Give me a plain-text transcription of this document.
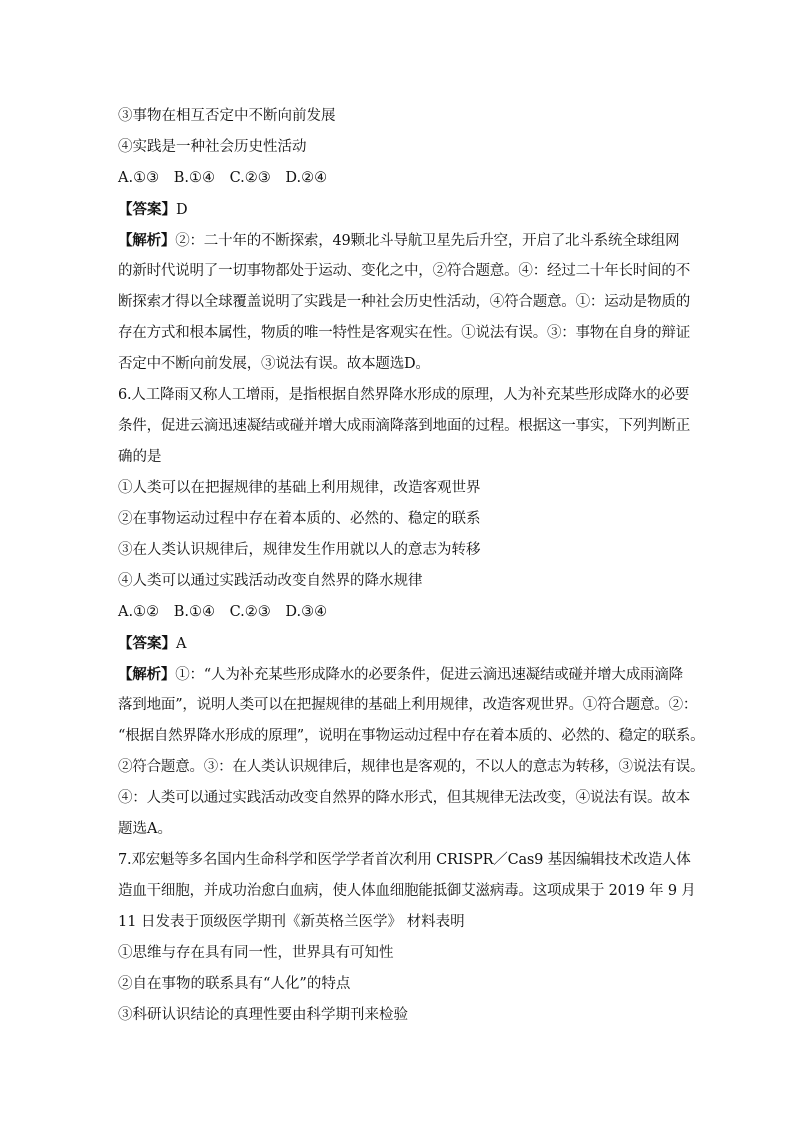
③事物在相互否定中不断向前发展
④实践是一种社会历史性活动
A.①③ B.①④ C.②③ D.②④
【答案】D
【解析】②：二十年的不断探索，49颗北斗导航卫星先后升空，开启了北斗系统全球组网
的新时代说明了一切事物都处于运动、变化之中，②符合题意。④：经过二十年长时间的不
断探索才得以全球覆盖说明了实践是一种社会历史性活动，④符合题意。①：运动是物质的
存在方式和根本属性，物质的唯一特性是客观实在性。①说法有误。③：事物在自身的辩证
否定中不断向前发展，③说法有误。故本题选D。
6.人工降雨又称人工增雨，是指根据自然界降水形成的原理，人为补充某些形成降水的必要
条件，促进云滴迅速凝结或碰并增大成雨滴降落到地面的过程。根据这一事实，下列判断正
确的是
①人类可以在把握规律的基础上利用规律，改造客观世界
②在事物运动过程中存在着本质的、必然的、稳定的联系
③在人类认识规律后，规律发生作用就以人的意志为转移
④人类可以通过实践活动改变自然界的降水规律
A.①② B.①④ C.②③ D.③④
【答案】A
【解析】①：“人为补充某些形成降水的必要条件，促进云滴迅速凝结或碰并增大成雨滴降
落到地面”，说明人类可以在把握规律的基础上利用规律，改造客观世界。①符合题意。②：
“根据自然界降水形成的原理”，说明在事物运动过程中存在着本质的、必然的、稳定的联系。
②符合题意。③：在人类认识规律后，规律也是客观的，不以人的意志为转移，③说法有误。
④：人类可以通过实践活动改变自然界的降水形式，但其规律无法改变，④说法有误。故本
题选A。
7.邓宏魁等多名国内生命科学和医学学者首次利用 CRISPR／Cas9 基因编辑技术改造人体
造血干细胞，并成功治愈白血病，使人体血细胞能抵御艾滋病毒。这项成果于 2019 年 9 月
11 日发表于顶级医学期刊《新英格兰医学》 材料表明
①思维与存在具有同一性，世界具有可知性
②自在事物的联系具有“人化”的特点
③科研认识结论的真理性要由科学期刊来检验
